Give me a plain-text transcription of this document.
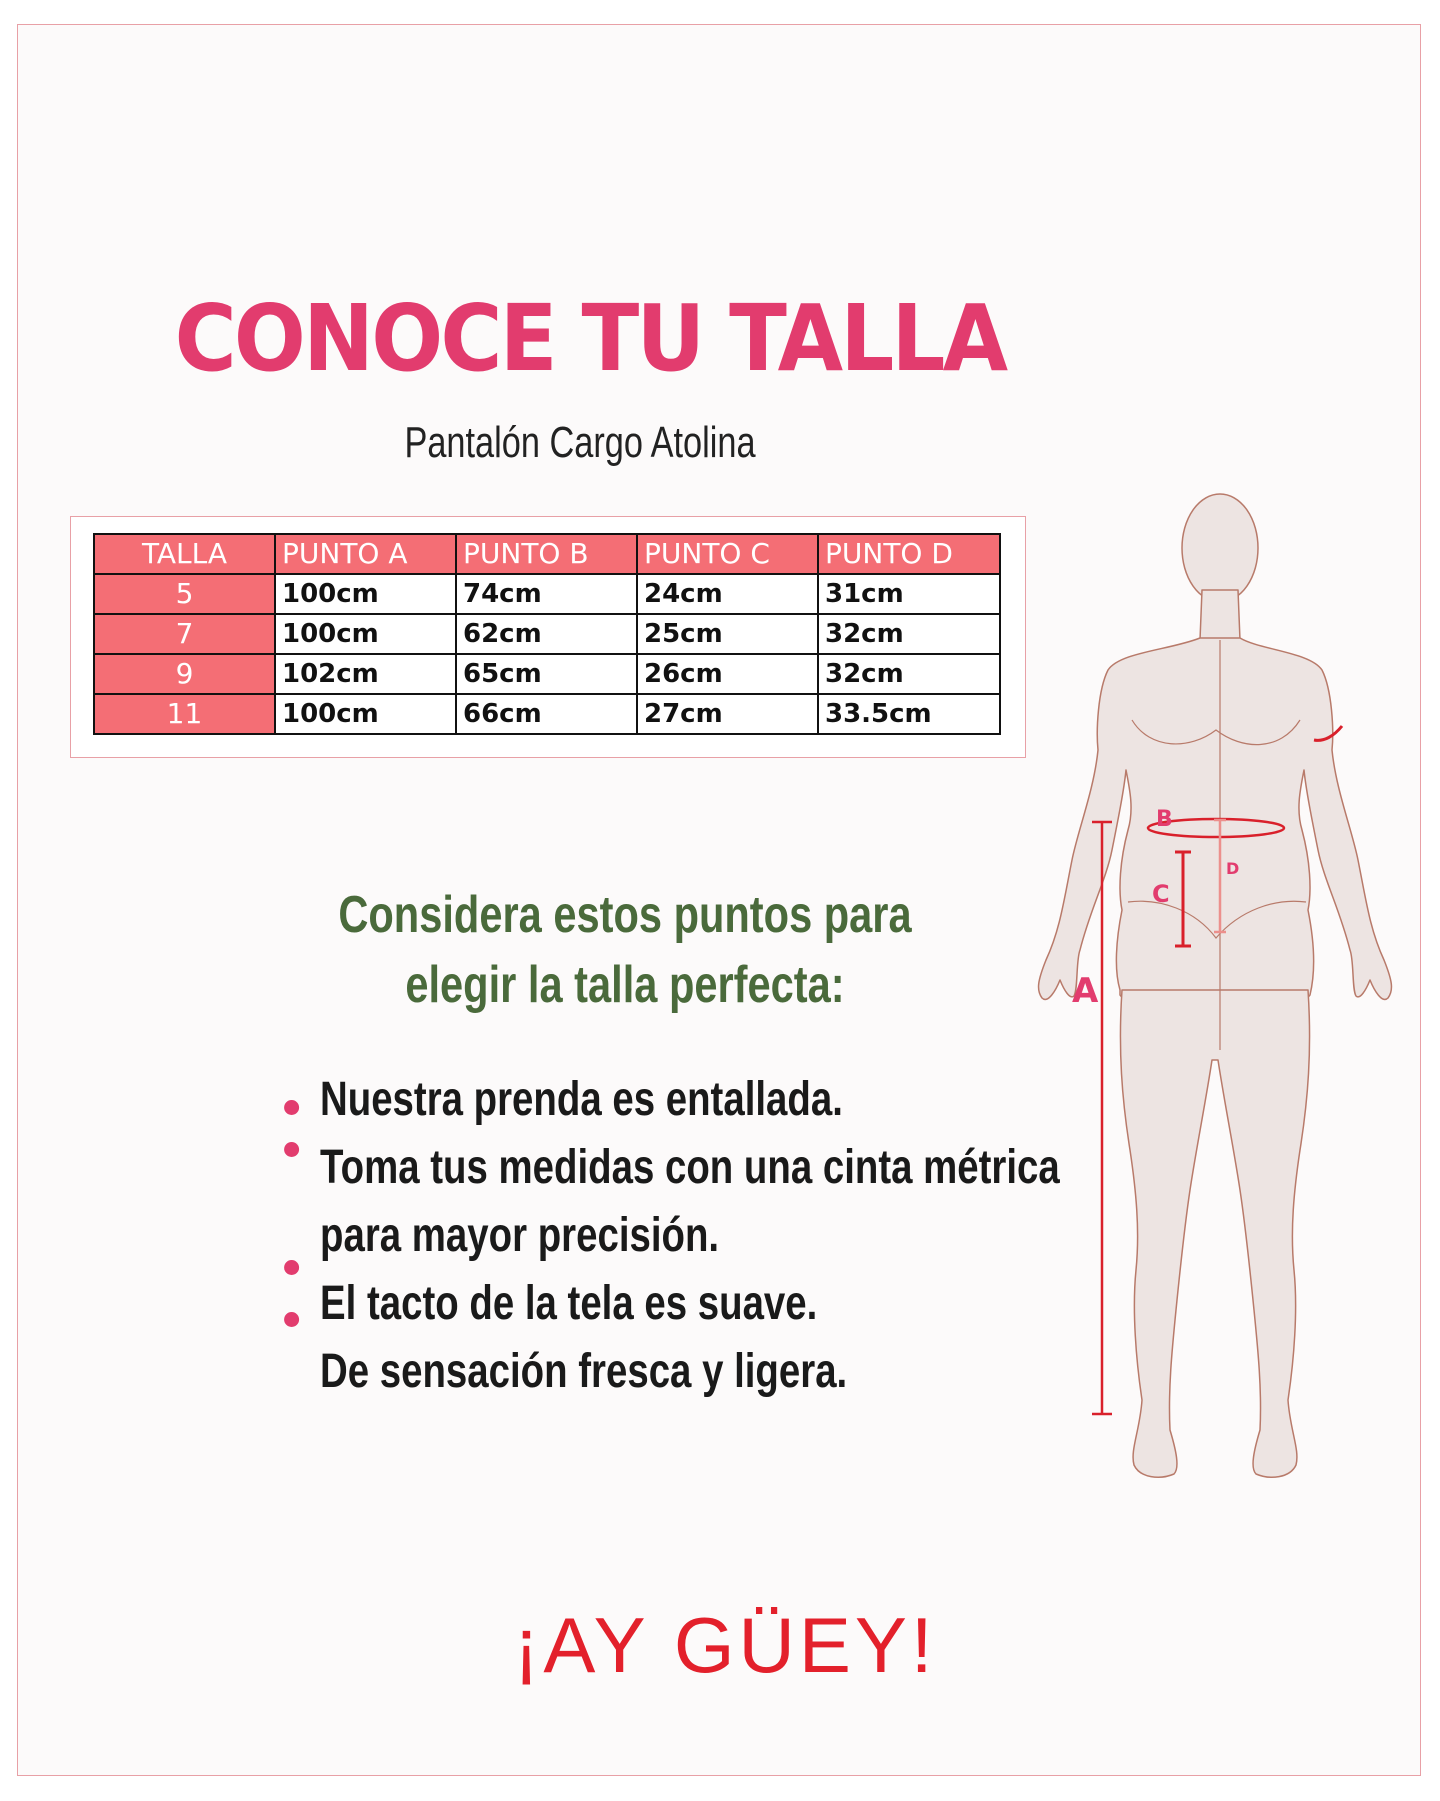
CONOCE TU TALLA
Pantalón Cargo Atolina
TALLA	PUNTO A	PUNTO B	PUNTO C	PUNTO D
5	100cm	74cm	24cm	31cm
7	100cm	62cm	25cm	32cm
9	102cm	65cm	26cm	32cm
11	100cm	66cm	27cm	33.5cm
Considera estos puntos para
elegir la talla perfecta:
Nuestra prenda es entallada.
Toma tus medidas con una cinta métrica
para mayor precisión.
El tacto de la tela es suave.
De sensación fresca y ligera.
A
B
C
D
¡AY GÜEY!
